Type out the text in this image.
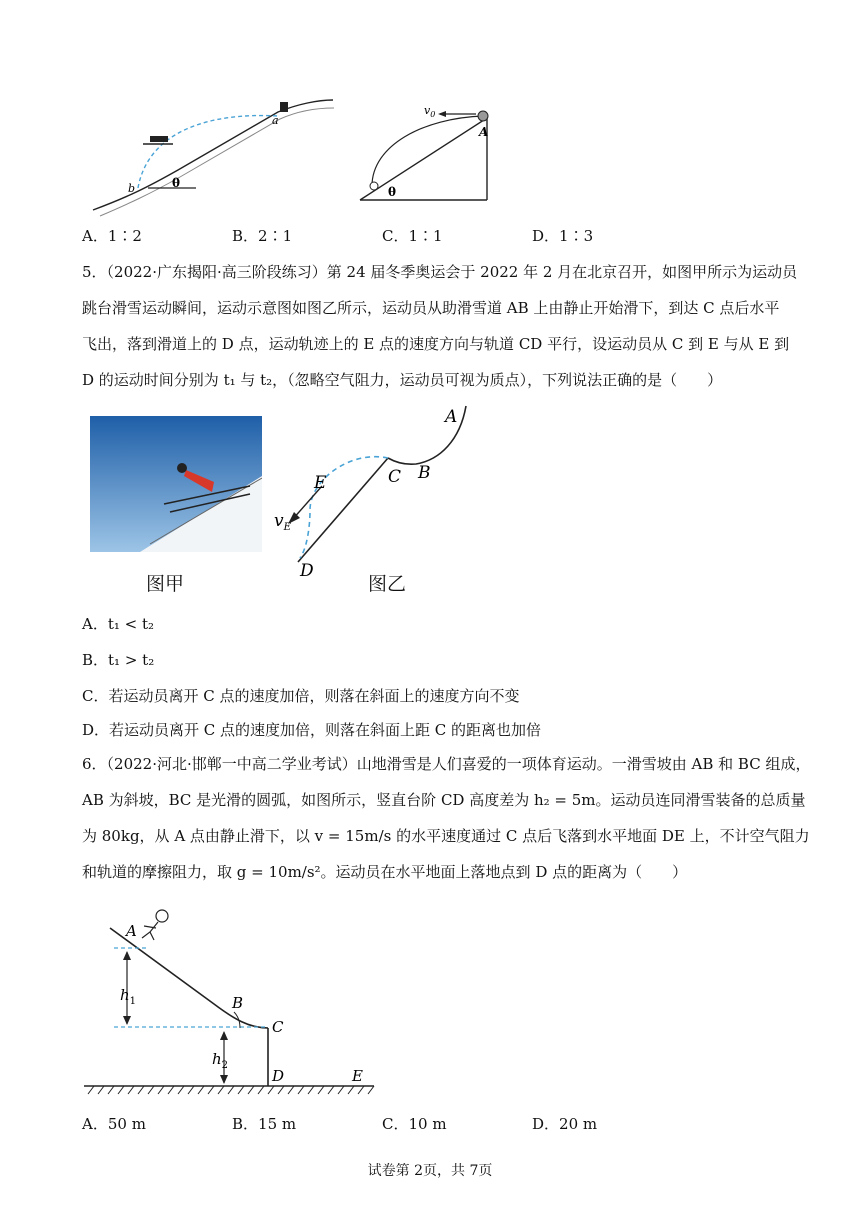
a
b	θ
$v_0$
A
θ
A．1∶2	B．2∶1	C．1∶1	D．1∶3
5．（2022·广东揭阳·高三阶段练习）第 24 届冬季奥运会于 2022 年 2 月在北京召开，如图甲所示为运动员
跳台滑雪运动瞬间，运动示意图如图乙所示，运动员从助滑雪道 AB 上由静止开始滑下，到达 C 点后水平
飞出，落到滑道上的 D 点，运动轨迹上的 E 点的速度方向与轨道 CD 平行，设运动员从 C 到 E 与从 E 到
D 的运动时间分别为 t₁ 与 t₂，（忽略空气阻力，运动员可视为质点），下列说法正确的是（　　）
A
B
C
E
$v_E$
D
图甲	图乙
A．t₁ < t₂
B．t₁ > t₂
C．若运动员离开 C 点的速度加倍，则落在斜面上的速度方向不变
D．若运动员离开 C 点的速度加倍，则落在斜面上距 C 的距离也加倍
6．（2022·河北·邯郸一中高二学业考试）山地滑雪是人们喜爱的一项体育运动。一滑雪坡由 AB 和 BC 组成，
AB 为斜坡，BC 是光滑的圆弧，如图所示，竖直台阶 CD 高度差为 h₂ = 5m。运动员连同滑雪装备的总质量
为 80kg，从 A 点由静止滑下，以 v = 15m/s 的水平速度通过 C 点后飞落到水平地面 DE 上，不计空气阻力
和轨道的摩擦阻力，取 g = 10m/s²。运动员在水平地面上落地点到 D 点的距离为（　　）
A
$h_1$	B
C
$h_2$
D	E
A．50 m	B．15 m	C．10 m	D．20 m
试卷第 2页，共 7页
